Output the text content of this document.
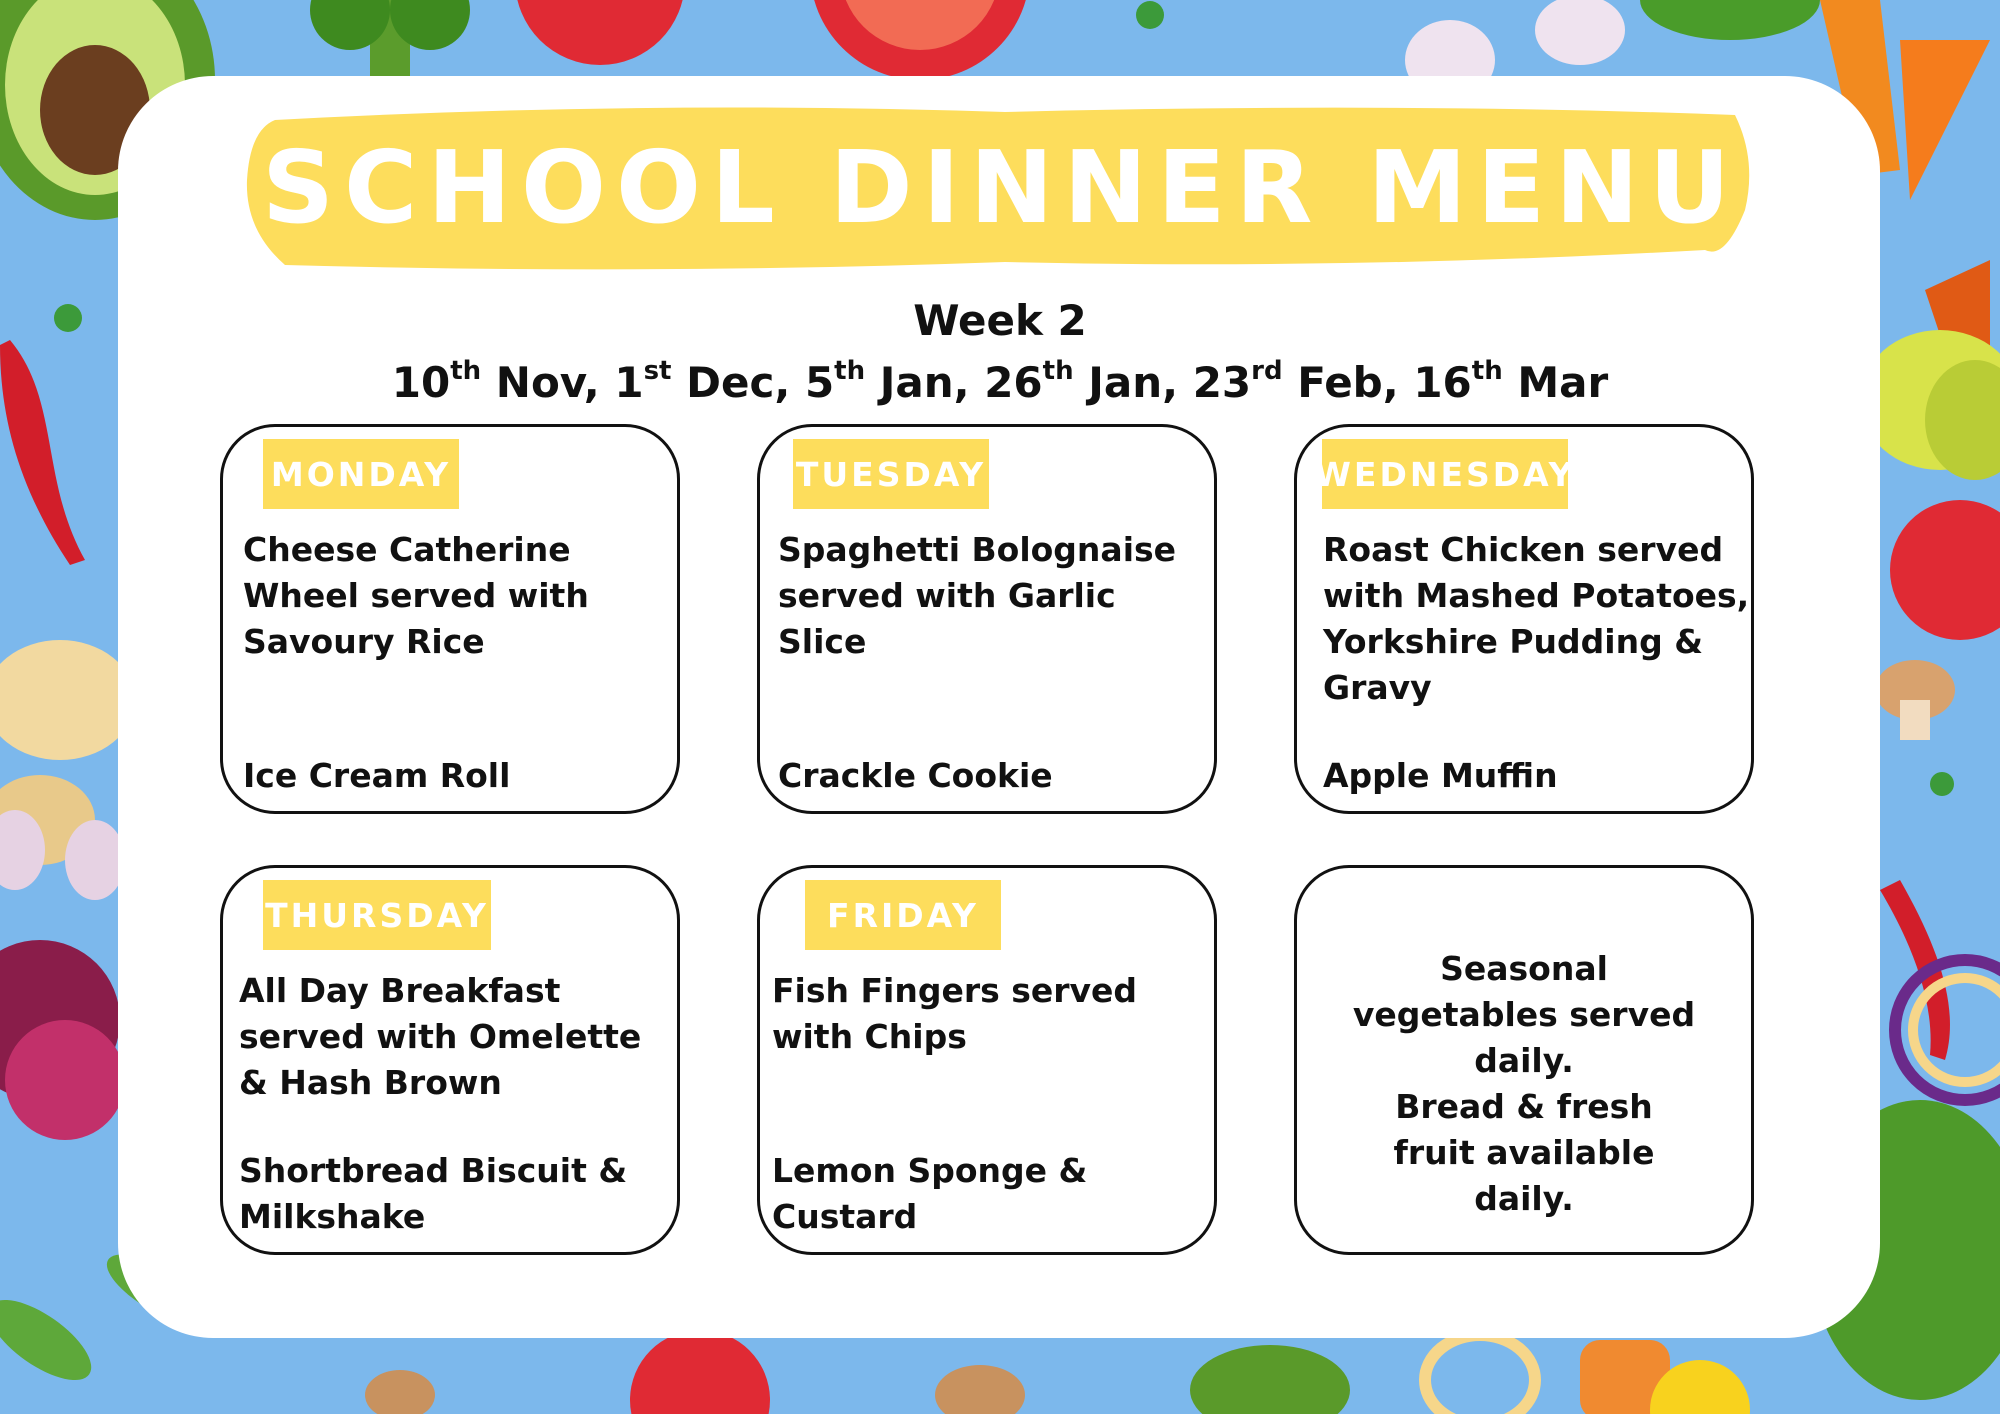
SCHOOL DINNER MENU
Week 2
10th Nov, 1st Dec, 5th Jan, 26th Jan, 23rd Feb, 16th Mar
MONDAY
Cheese Catherine Wheel served with Savoury Rice
Ice Cream Roll
TUESDAY
Spaghetti Bolognaise served with Garlic Slice
Crackle Cookie
WEDNESDAY
Roast Chicken served with Mashed Potatoes, Yorkshire Pudding & Gravy
Apple Muffin
THURSDAY
All Day Breakfast served with Omelette & Hash Brown
Shortbread Biscuit & Milkshake
FRIDAY
Fish Fingers served with Chips
Lemon Sponge & Custard
Seasonal vegetables served daily.
Bread & fresh fruit available daily.
